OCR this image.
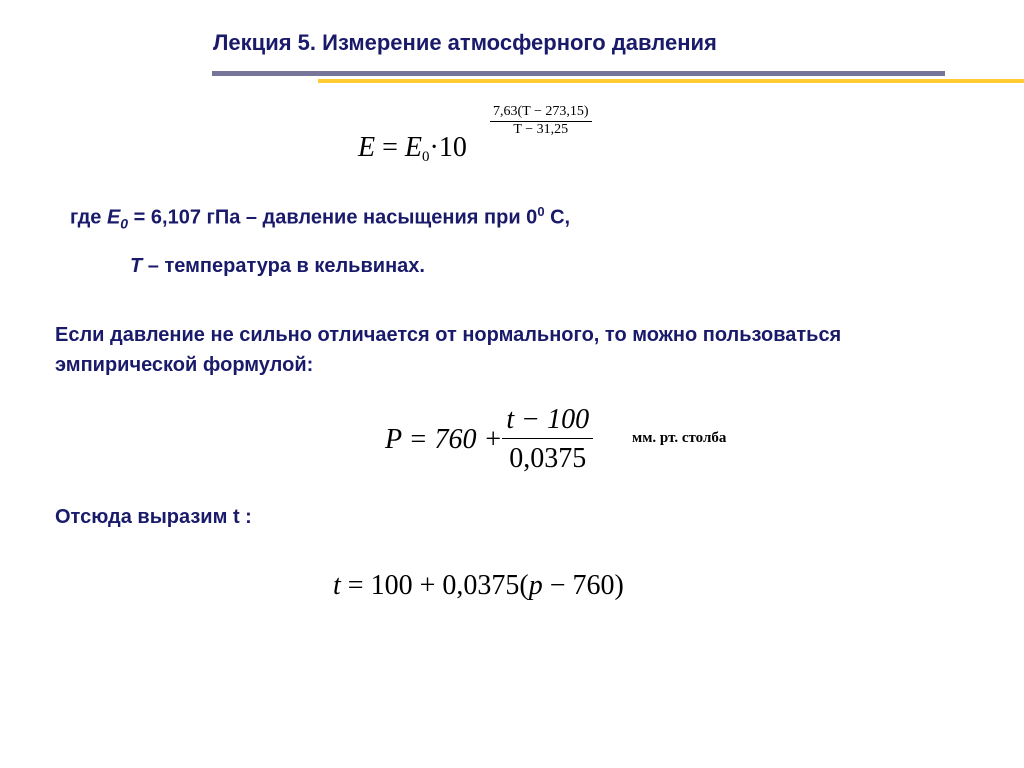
Лекция 5. Измерение атмосферного давления
$E = E_0\cdot 10$
$\frac{7,63(T - 273,15)}{T - 31,25}$
где $E_0 = 6,107$ гПа – давление насыщения при $0^0$ С,
T – температура в кельвинах.
Если давление не сильно отличается от нормального, то можно пользоваться эмпирической формулой:
$P = 760 + \frac{t - 100}{0,0375}$	мм. рт. столба
Отсюда выразим t :
t = 100 + 0,0375(p − 760)
